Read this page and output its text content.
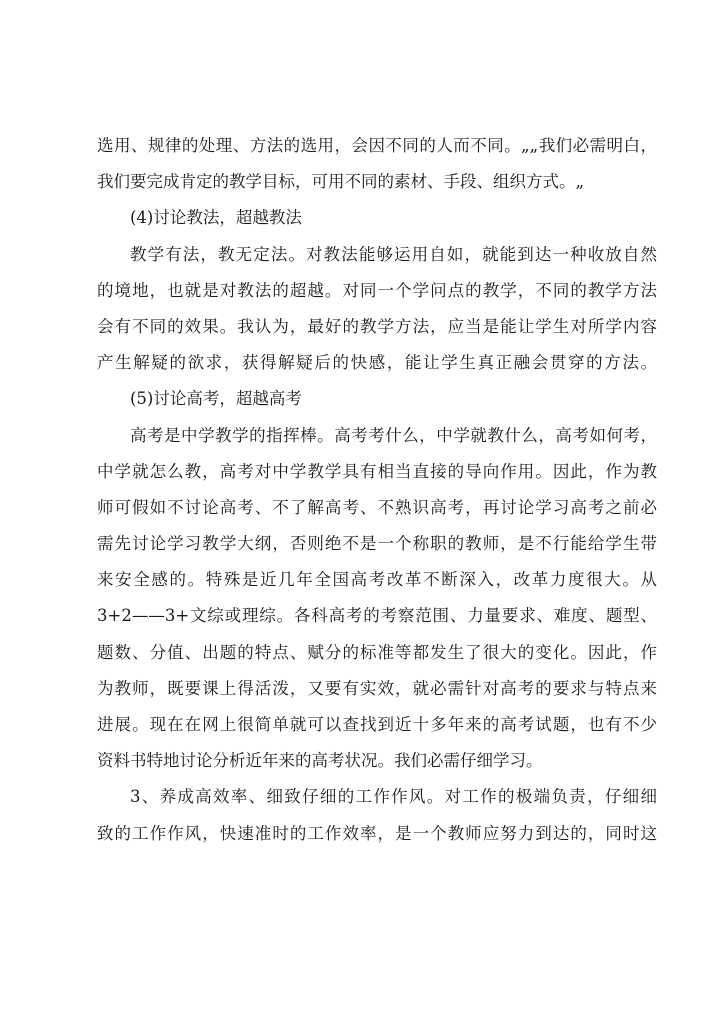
选用、规律的处理、方法的选用，会因不同的人而不同。„„我们必需明白，
我们要完成肯定的教学目标，可用不同的素材、手段、组织方式。„
(4)讨论教法，超越教法
教学有法，教无定法。对教法能够运用自如，就能到达一种收放自然
的境地，也就是对教法的超越。对同一个学问点的教学，不同的教学方法
会有不同的效果。我认为，最好的教学方法，应当是能让学生对所学内容
产生解疑的欲求，获得解疑后的快感，能让学生真正融会贯穿的方法。
(5)讨论高考，超越高考
高考是中学教学的指挥棒。高考考什么，中学就教什么，高考如何考，
中学就怎么教，高考对中学教学具有相当直接的导向作用。因此，作为教
师可假如不讨论高考、不了解高考、不熟识高考，再讨论学习高考之前必
需先讨论学习教学大纲，否则绝不是一个称职的教师，是不行能给学生带
来安全感的。特殊是近几年全国高考改革不断深入，改革力度很大。从
3+2——3+文综或理综。各科高考的考察范围、力量要求、难度、题型、
题数、分值、出题的特点、赋分的标准等都发生了很大的变化。因此，作
为教师，既要课上得活泼，又要有实效，就必需针对高考的要求与特点来
进展。现在在网上很简单就可以查找到近十多年来的高考试题，也有不少
资料书特地讨论分析近年来的高考状况。我们必需仔细学习。
3、养成高效率、细致仔细的工作作风。对工作的极端负责，仔细细
致的工作作风，快速准时的工作效率，是一个教师应努力到达的，同时这
